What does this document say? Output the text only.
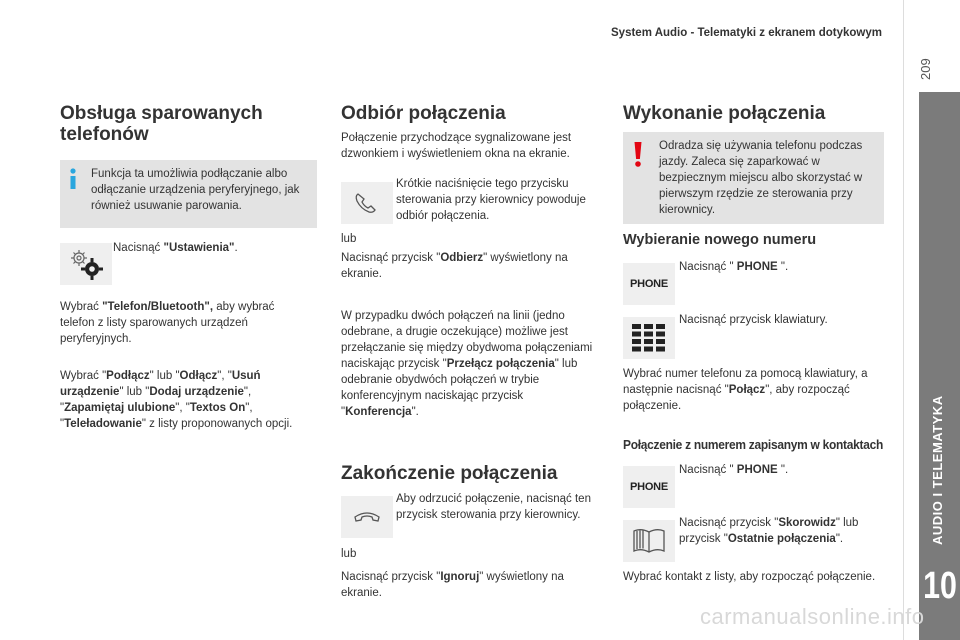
System Audio - Telematyki z ekranem dotykowym
209
AUDIO I TELEMATYKA
10
Obsługa sparowanych telefonów
Funkcja ta umożliwia podłączanie albo odłączanie urządzenia peryferyjnego, jak również usuwanie parowania.
Nacisnąć "Ustawienia".
Wybrać "Telefon/Bluetooth", aby wybrać telefon z listy sparowanych urządzeń peryferyjnych.
Wybrać "Podłącz" lub "Odłącz", "Usuń urządzenie" lub "Dodaj urządzenie", "Zapamiętaj ulubione", "Textos On", "Teleładowanie" z listy proponowanych opcji.
Odbiór połączenia
Połączenie przychodzące sygnalizowane jest dzwonkiem i wyświetleniem okna na ekranie.
Krótkie naciśnięcie tego przycisku sterowania przy kierownicy powoduje odbiór połączenia.
lub
Nacisnąć przycisk "Odbierz" wyświetlony na ekranie.
W przypadku dwóch połączeń na linii (jedno odebrane, a drugie oczekujące) możliwe jest przełączanie się między obydwoma połączeniami naciskając przycisk "Przełącz połączenia" lub odebranie obydwóch połączeń w trybie konferencyjnym naciskając przycisk "Konferencja".
Zakończenie połączenia
Aby odrzucić połączenie, nacisnąć ten przycisk sterowania przy kierownicy.
lub
Nacisnąć przycisk "Ignoruj" wyświetlony na ekranie.
Wykonanie połączenia
Odradza się używania telefonu podczas jazdy. Zaleca się zaparkować w bezpiecznym miejscu albo skorzystać w pierwszym rzędzie ze sterowania przy kierownicy.
Wybieranie nowego numeru
PHONE
Nacisnąć " PHONE ".
Nacisnąć przycisk klawiatury.
Wybrać numer telefonu za pomocą klawiatury, a następnie nacisnąć "Połącz", aby rozpocząć połączenie.
Połączenie z numerem zapisanym w kontaktach
PHONE
Nacisnąć " PHONE ".
Nacisnąć przycisk "Skorowidz" lub przycisk "Ostatnie połączenia".
Wybrać kontakt z listy, aby rozpocząć połączenie.
carmanualsonline.info
